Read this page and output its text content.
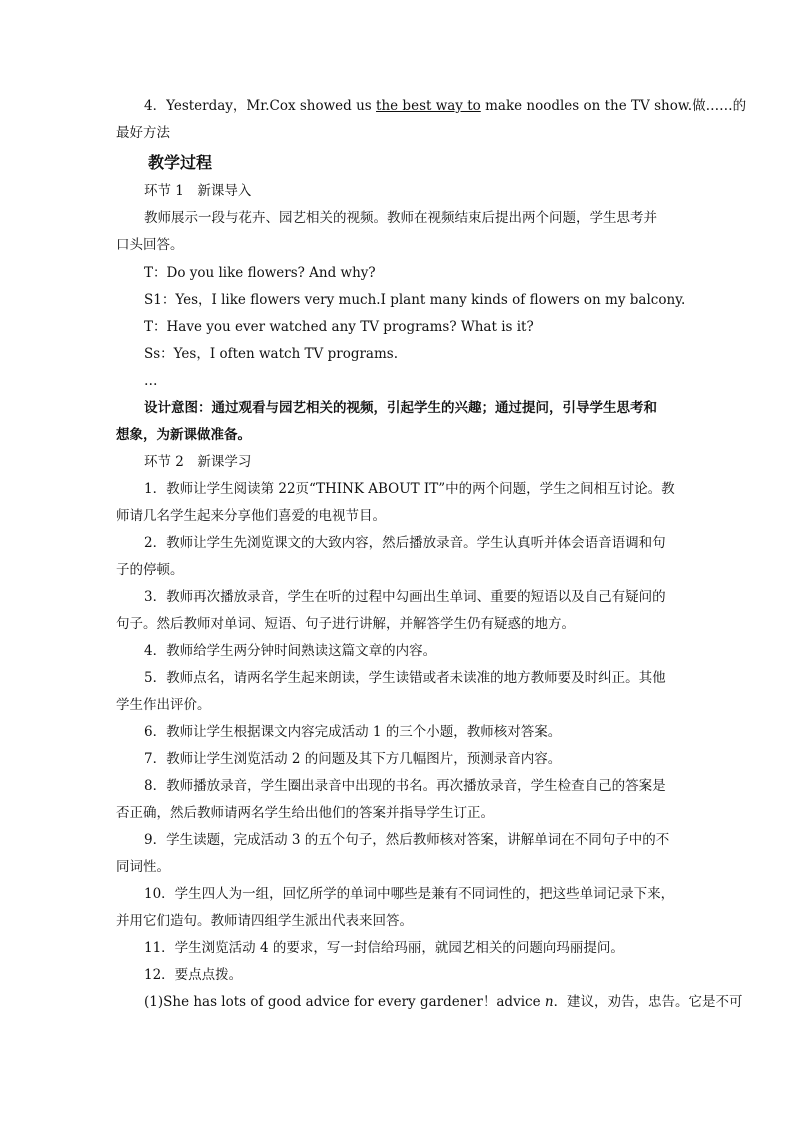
4．Yesterday，Mr.Cox showed us the best way to make noodles on the TV show.做……的
最好方法
教学过程
环节 1　新课导入
教师展示一段与花卉、园艺相关的视频。教师在视频结束后提出两个问题，学生思考并
口头回答。
T：Do you like flowers? And why?
S1：Yes，I like flowers very much.I plant many kinds of flowers on my balcony.
T：Have you ever watched any TV programs? What is it?
Ss：Yes，I often watch TV programs.
…
设计意图：通过观看与园艺相关的视频，引起学生的兴趣；通过提问，引导学生思考和
想象，为新课做准备。
环节 2　新课学习
1．教师让学生阅读第 22页“THINK ABOUT IT”中的两个问题，学生之间相互讨论。教
师请几名学生起来分享他们喜爱的电视节目。
2．教师让学生先浏览课文的大致内容，然后播放录音。学生认真听并体会语音语调和句
子的停顿。
3．教师再次播放录音，学生在听的过程中勾画出生单词、重要的短语以及自己有疑问的
句子。然后教师对单词、短语、句子进行讲解，并解答学生仍有疑惑的地方。
4．教师给学生两分钟时间熟读这篇文章的内容。
5．教师点名，请两名学生起来朗读，学生读错或者未读准的地方教师要及时纠正。其他
学生作出评价。
6．教师让学生根据课文内容完成活动 1 的三个小题，教师核对答案。
7．教师让学生浏览活动 2 的问题及其下方几幅图片，预测录音内容。
8．教师播放录音，学生圈出录音中出现的书名。再次播放录音，学生检查自己的答案是
否正确，然后教师请两名学生给出他们的答案并指导学生订正。
9．学生读题，完成活动 3 的五个句子，然后教师核对答案，讲解单词在不同句子中的不
同词性。
10．学生四人为一组，回忆所学的单词中哪些是兼有不同词性的，把这些单词记录下来，
并用它们造句。教师请四组学生派出代表来回答。
11．学生浏览活动 4 的要求，写一封信给玛丽，就园艺相关的问题向玛丽提问。
12．要点点拨。
(1)She has lots of good advice for every gardener！advice n．建议，劝告，忠告。它是不可
